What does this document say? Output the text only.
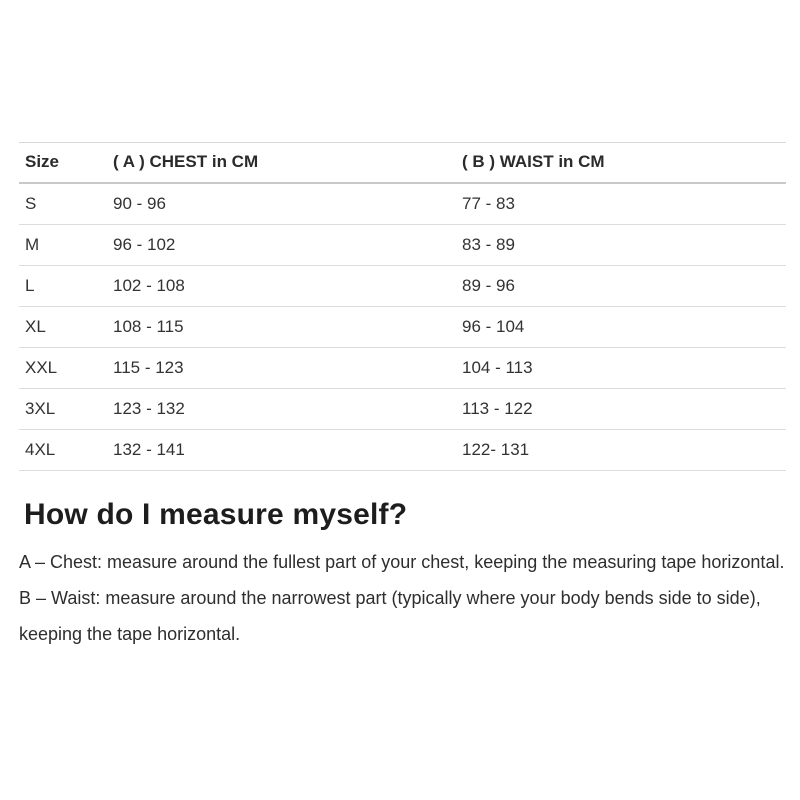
Size	( A ) CHEST in CM	( B ) WAIST in CM
S	90 - 96	77 - 83
M	96 - 102	83 - 89
L	102 - 108	89 - 96
XL	108 - 115	96 - 104
XXL	115 - 123	104 - 113
3XL	123 - 132	113 - 122
4XL	132 - 141	122- 131
How do I measure myself?

A – Chest: measure around the fullest part of your chest, keeping the measuring tape horizontal.

B – Waist: measure around the narrowest part (typically where your body bends side to side), keeping the tape horizontal.
